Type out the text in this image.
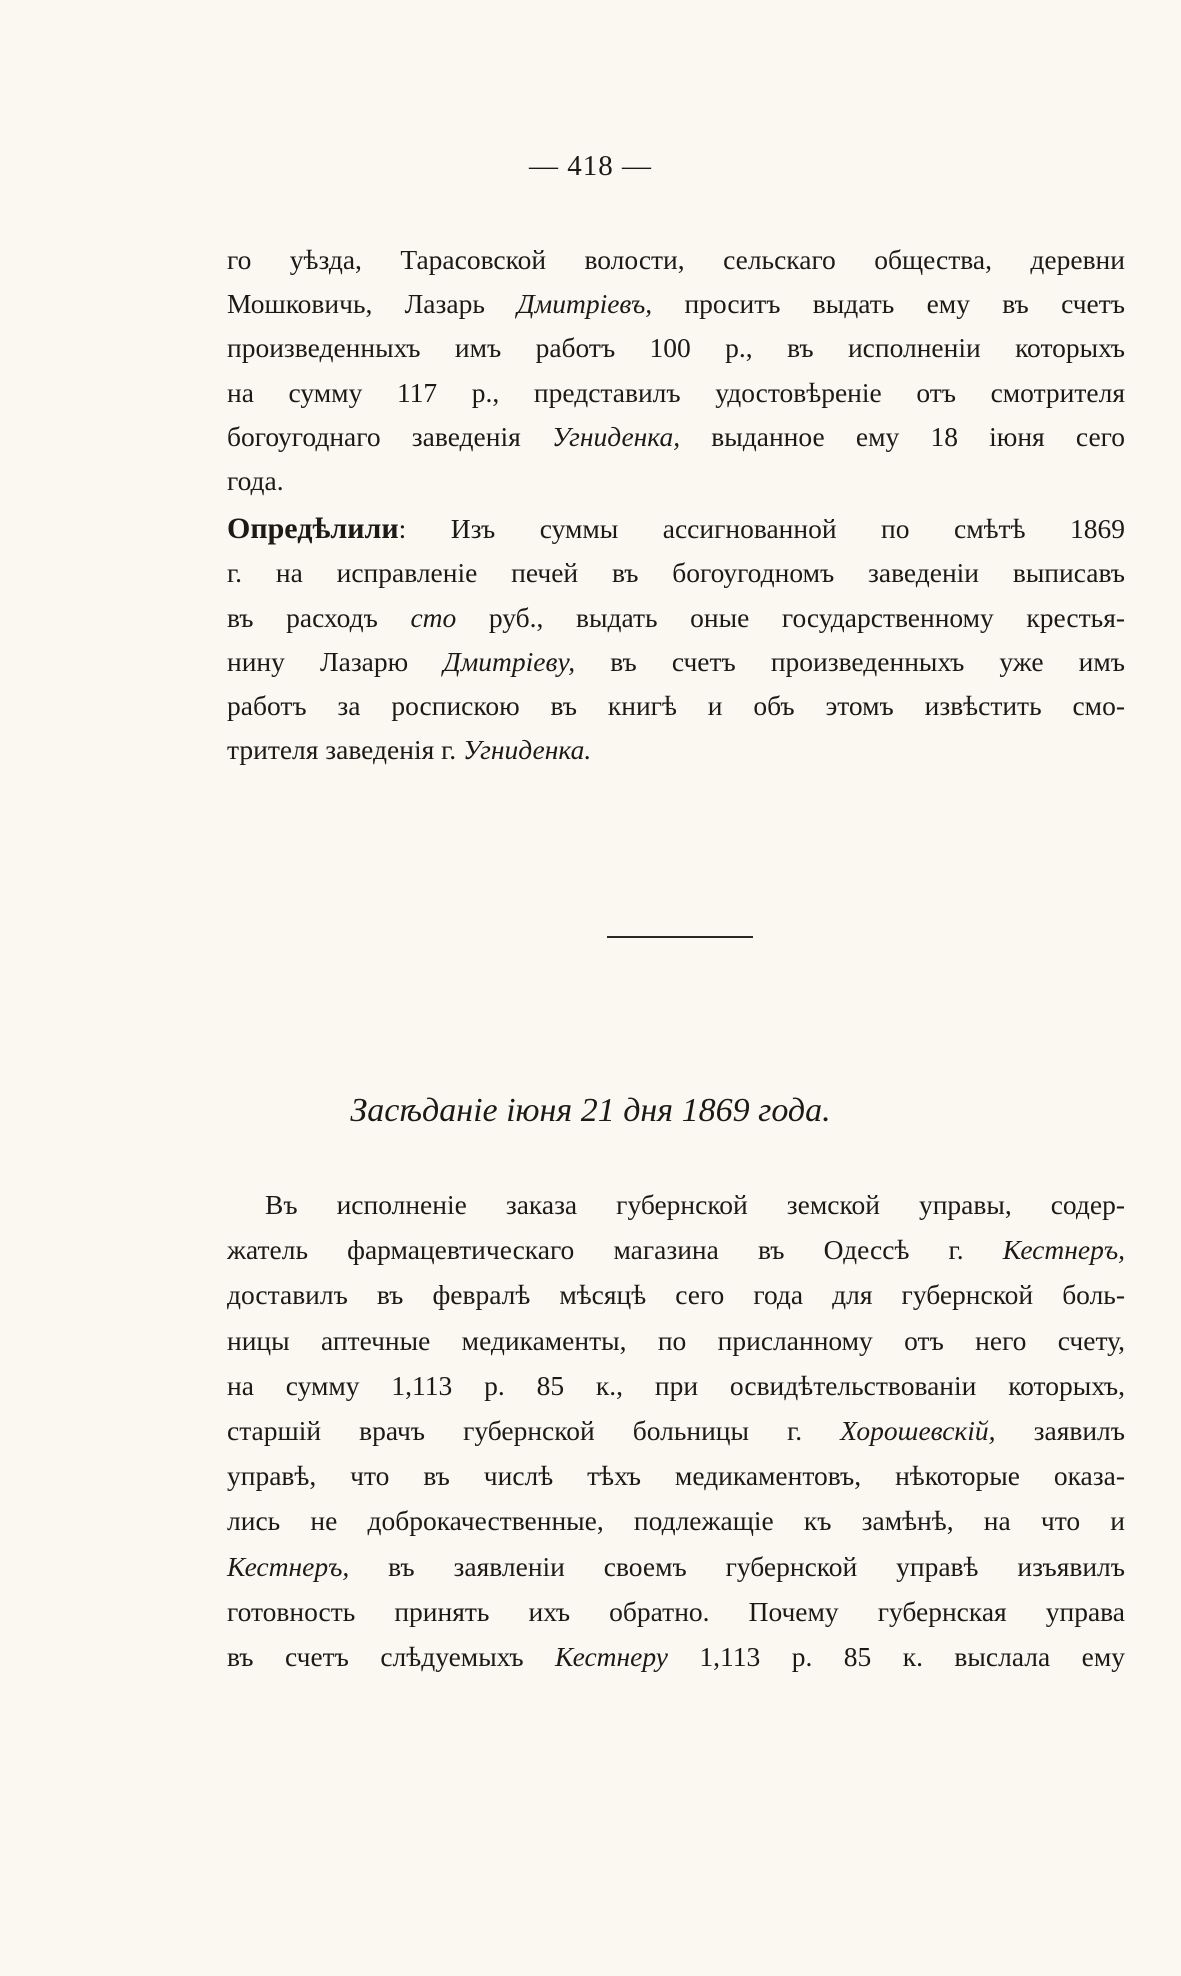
— 418 —
го уѣзда, Тарасовской волости, сельскаго общества, деревни
Мошковичь, Лазарь Дмитріевъ, проситъ выдать ему въ счетъ
произведенныхъ имъ работъ 100 р., въ исполненіи которыхъ
на сумму 117 р., представилъ удостовѣреніе отъ смотрителя
богоугоднаго заведенія Угниденка, выданное ему 18 іюня сего
года.
Опредѣлили: Изъ суммы ассигнованной по смѣтѣ 1869
г. на исправленіе печей въ богоугодномъ заведеніи выписавъ
въ расходъ сто руб., выдать оные государственному крестья-
нину Лазарю Дмитріеву, въ счетъ произведенныхъ уже имъ
работъ за роспискою въ книгѣ и объ этомъ извѣстить смо-
трителя заведенія г. Угниденка.
Засѣданіе іюня 21 дня 1869 года.
Въ исполненіе заказа губернской земской управы, содер-
жатель фармацевтическаго магазина въ Одессѣ г. Кестнеръ,
доставилъ въ февралѣ мѣсяцѣ сего года для губернской боль-
ницы аптечные медикаменты, по присланному отъ него счету,
на сумму 1,113 р. 85 к., при освидѣтельствованіи которыхъ,
старшій врачъ губернской больницы г. Хорошевскій, заявилъ
управѣ, что въ числѣ тѣхъ медикаментовъ, нѣкоторые оказа-
лись не доброкачественные, подлежащіе къ замѣнѣ, на что и
Кестнеръ, въ заявленіи своемъ губернской управѣ изъявилъ
готовность принять ихъ обратно. Почему губернская управа
въ счетъ слѣдуемыхъ Кестнеру 1,113 р. 85 к. выслала ему
